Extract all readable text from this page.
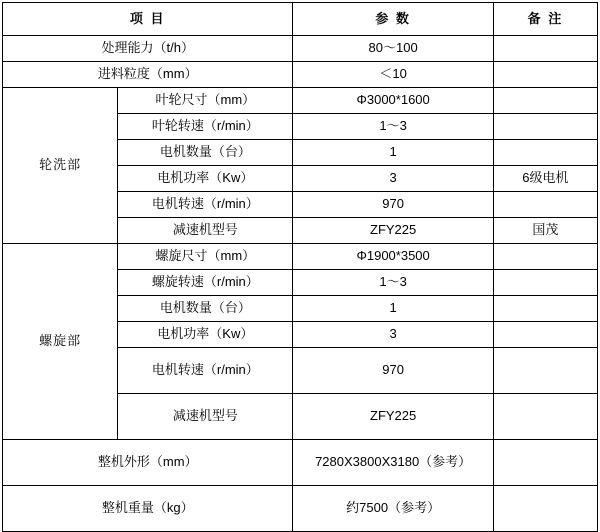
项 目		参 数	备 注
处理能力（t/h）		80～100	
进料粒度（mm）		＜10	
轮洗部	叶轮尺寸（mm）	Φ3000*1600	
	叶轮转速（r/min）	1～3	
	电机数量（台）	1	
	电机功率（Kw）	3	6级电机
	电机转速（r/min）	970	
	减速机型号	ZFY225	国茂
螺旋部	螺旋尺寸（mm）	Φ1900*3500	
	螺旋转速（r/min）	1～3	
	电机数量（台）	1	
	电机功率（Kw）	3	
	电机转速（r/min）	970	
	减速机型号	ZFY225	
整机外形（mm）		7280X3800X3180（参考）	
整机重量（kg）		约7500（参考）	
